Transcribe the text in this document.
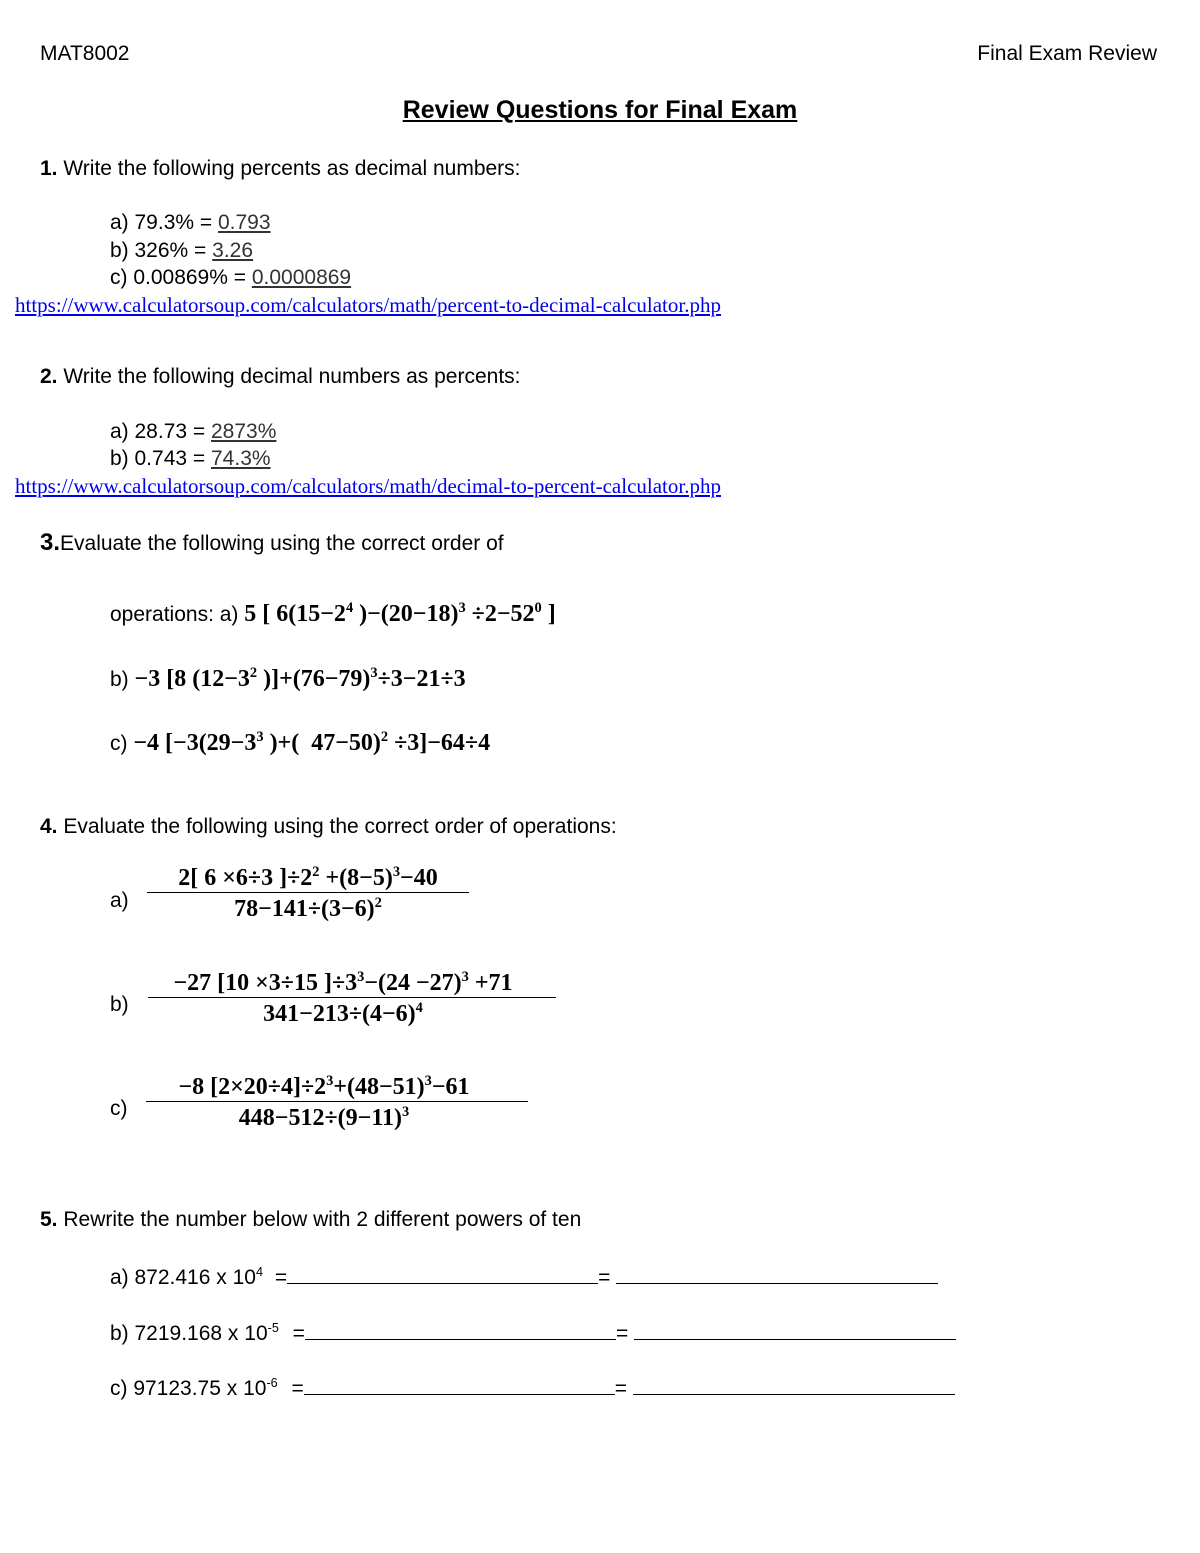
MAT8002	Final Exam Review
Review Questions for Final Exam
1. Write the following percents as decimal numbers:
a) 79.3% = 0.793
b) 326% = 3.26
c) 0.00869% = 0.0000869
https://www.calculatorsoup.com/calculators/math/percent-to-decimal-calculator.php
2. Write the following decimal numbers as percents:
a) 28.73 = 2873%
b) 0.743 = 74.3%
https://www.calculatorsoup.com/calculators/math/decimal-to-percent-calculator.php
3.Evaluate the following using the correct order of
operations: a) 5 [ $6(15-2^4$ )$-(20-18)^3 \div 2-52^0$ ]
b) −3 [8 ($12-3^2$ )]$+(76-79)^3\div 3-21\div 3$
c) −4 [$-3(29-3^3$ )+(  47−50)$^2$ ÷3]−64÷4
4. Evaluate the following using the correct order of operations:
a)
2[ 6 ×6÷3 ]$\div 2^2 +(8-5)^3-40$
$78-141\div(3-6)^2$
b)
−27 [10 ×3÷15 ]$\div 3^3-(24 -27)^3 +71$
$341-213\div(4-6)^4$
c)
−8 $[2\times 20\div 4]\div 2^3+(48-51)^3-61$
$448-512\div(9-11)^3$
5. Rewrite the number below with 2 different powers of ten
a) 872.416 x $10^4$ =	=
b) 7219.168 x $10^{-5}$ =	=
c) 97123.75 x $10^{-6}$ =	=
